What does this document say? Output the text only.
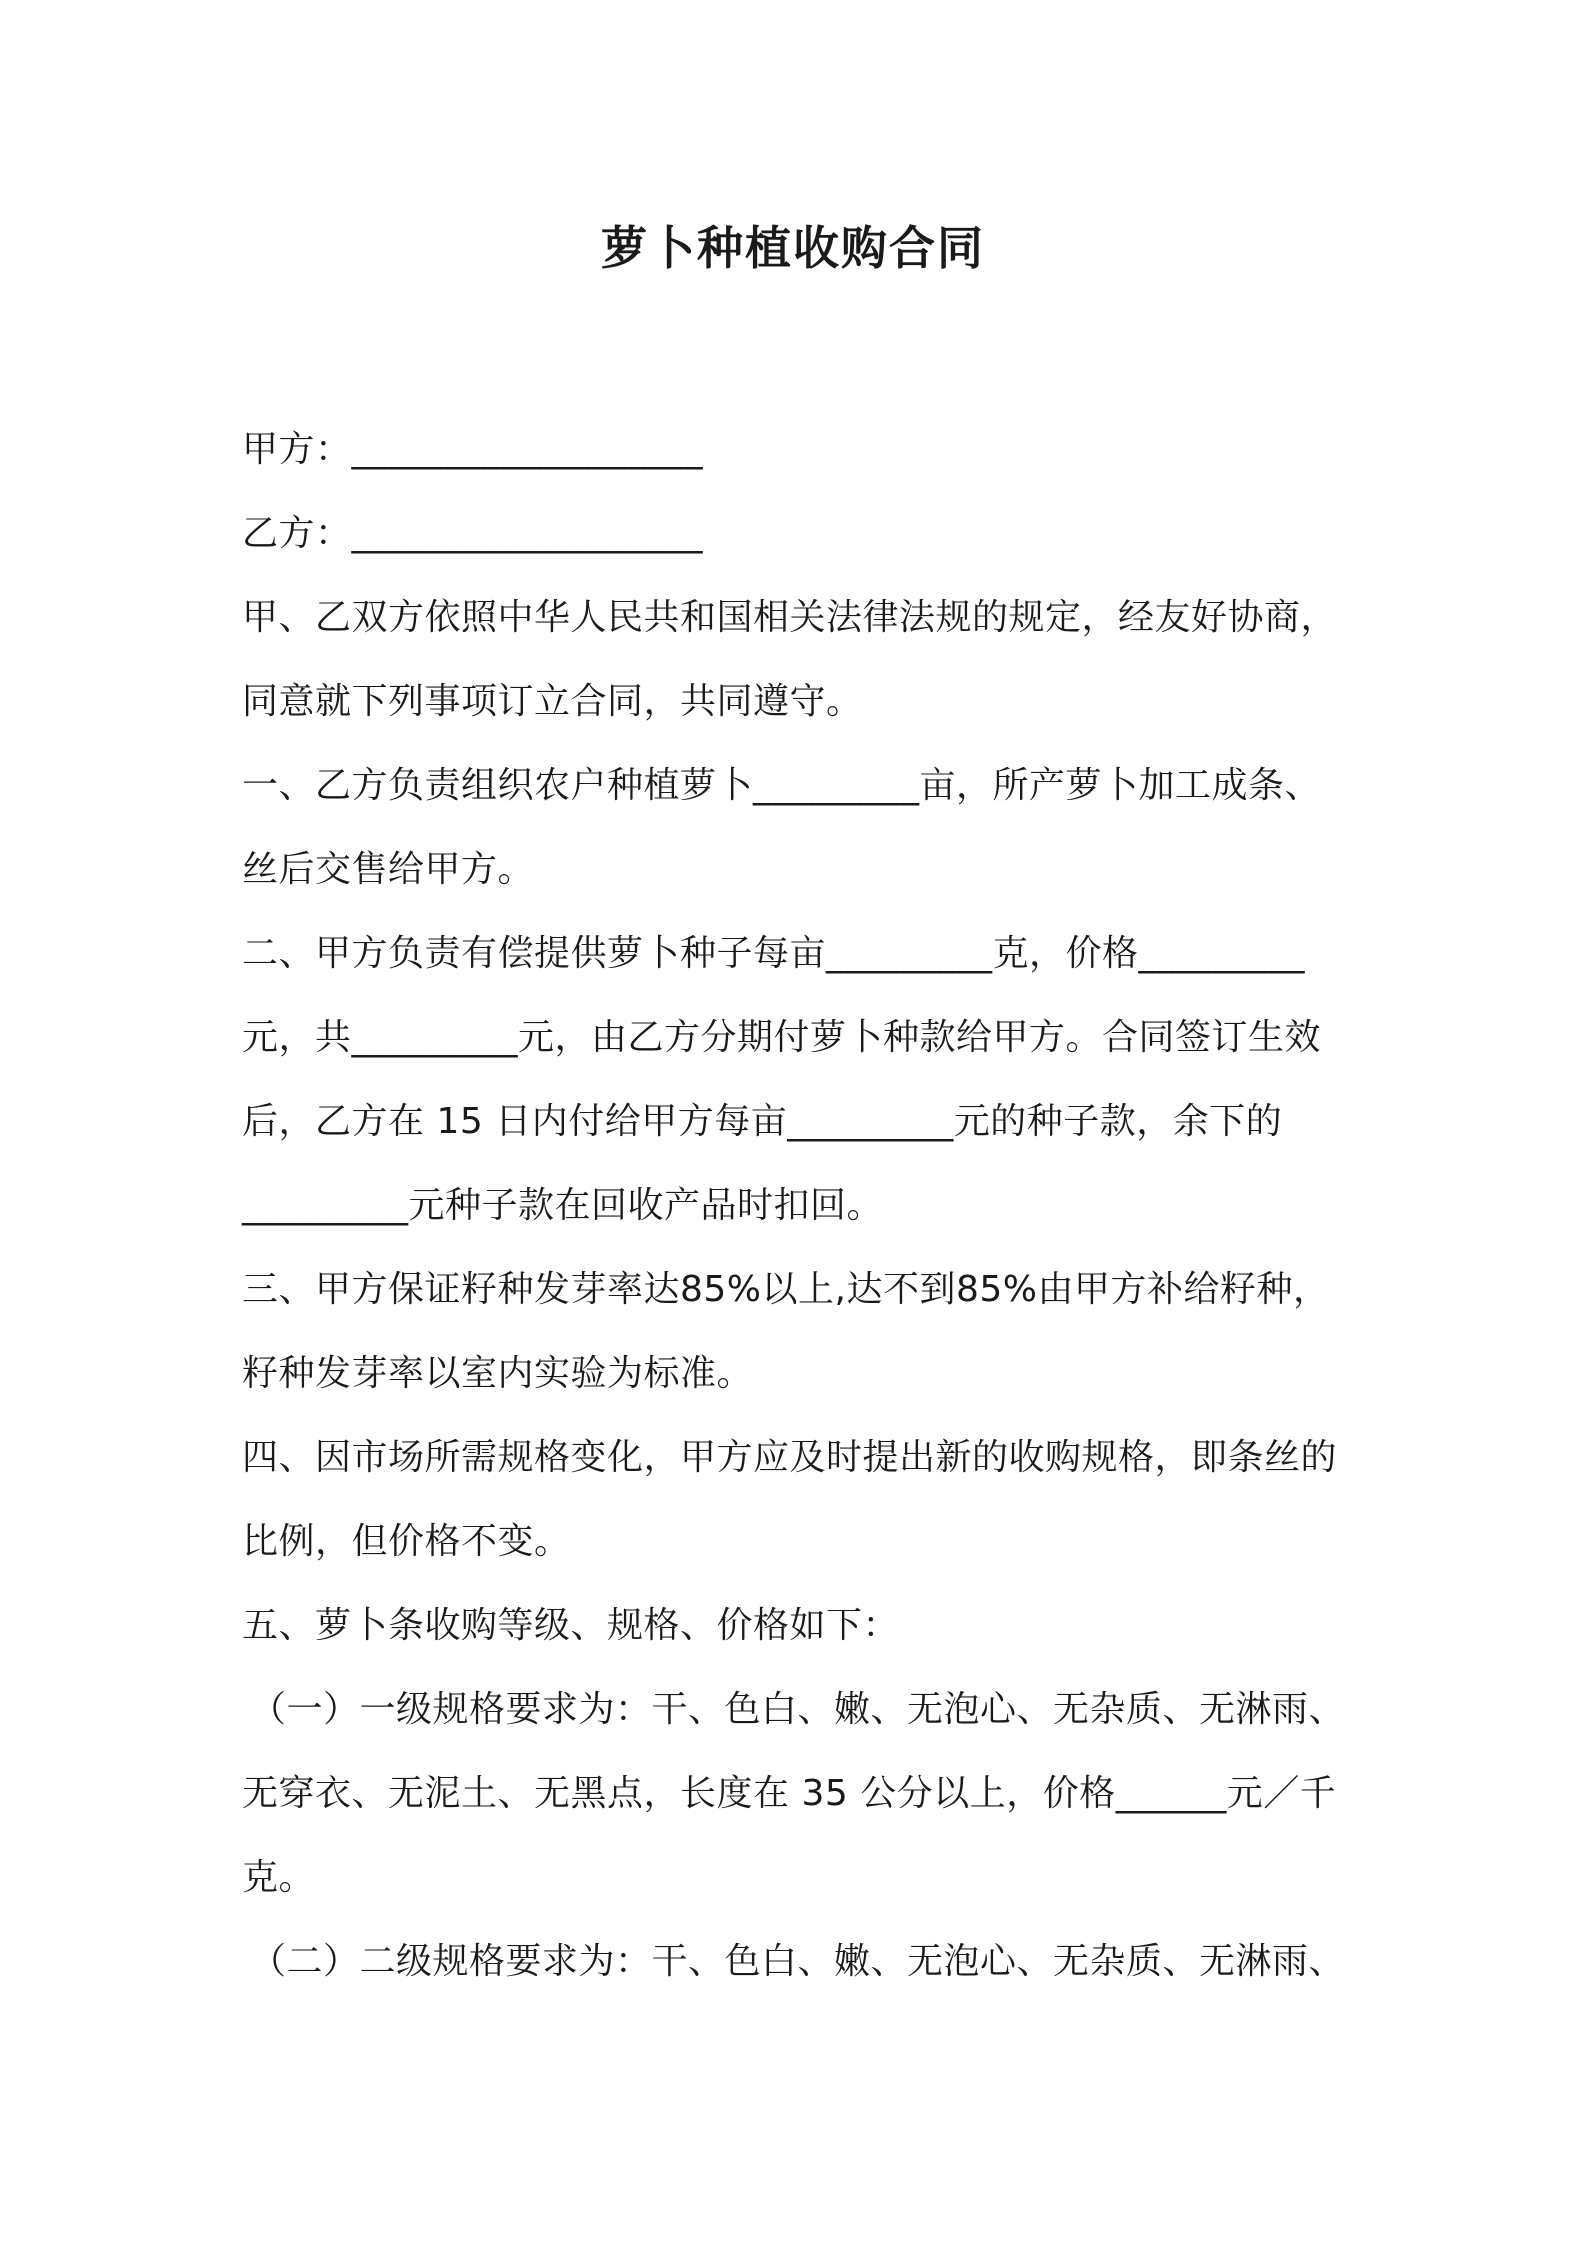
萝卜种植收购合同
甲方：___________________
乙方：___________________
甲、乙双方依照中华人民共和国相关法律法规的规定，经友好协商，
同意就下列事项订立合同，共同遵守。
一、乙方负责组织农户种植萝卜_________亩，所产萝卜加工成条、
丝后交售给甲方。
二、甲方负责有偿提供萝卜种子每亩_________克，价格_________
元，共_________元，由乙方分期付萝卜种款给甲方。合同签订生效
后，乙方在 15 日内付给甲方每亩_________元的种子款，余下的
_________元种子款在回收产品时扣回。
三、甲方保证籽种发芽率达85%以上,达不到85%由甲方补给籽种，
籽种发芽率以室内实验为标准。
四、因市场所需规格变化，甲方应及时提出新的收购规格，即条丝的
比例，但价格不变。
五、萝卜条收购等级、规格、价格如下：
（一）一级规格要求为：干、色白、嫩、无泡心、无杂质、无淋雨、
无穿衣、无泥土、无黑点，长度在 35 公分以上，价格______元／千
克。
（二）二级规格要求为：干、色白、嫩、无泡心、无杂质、无淋雨、
